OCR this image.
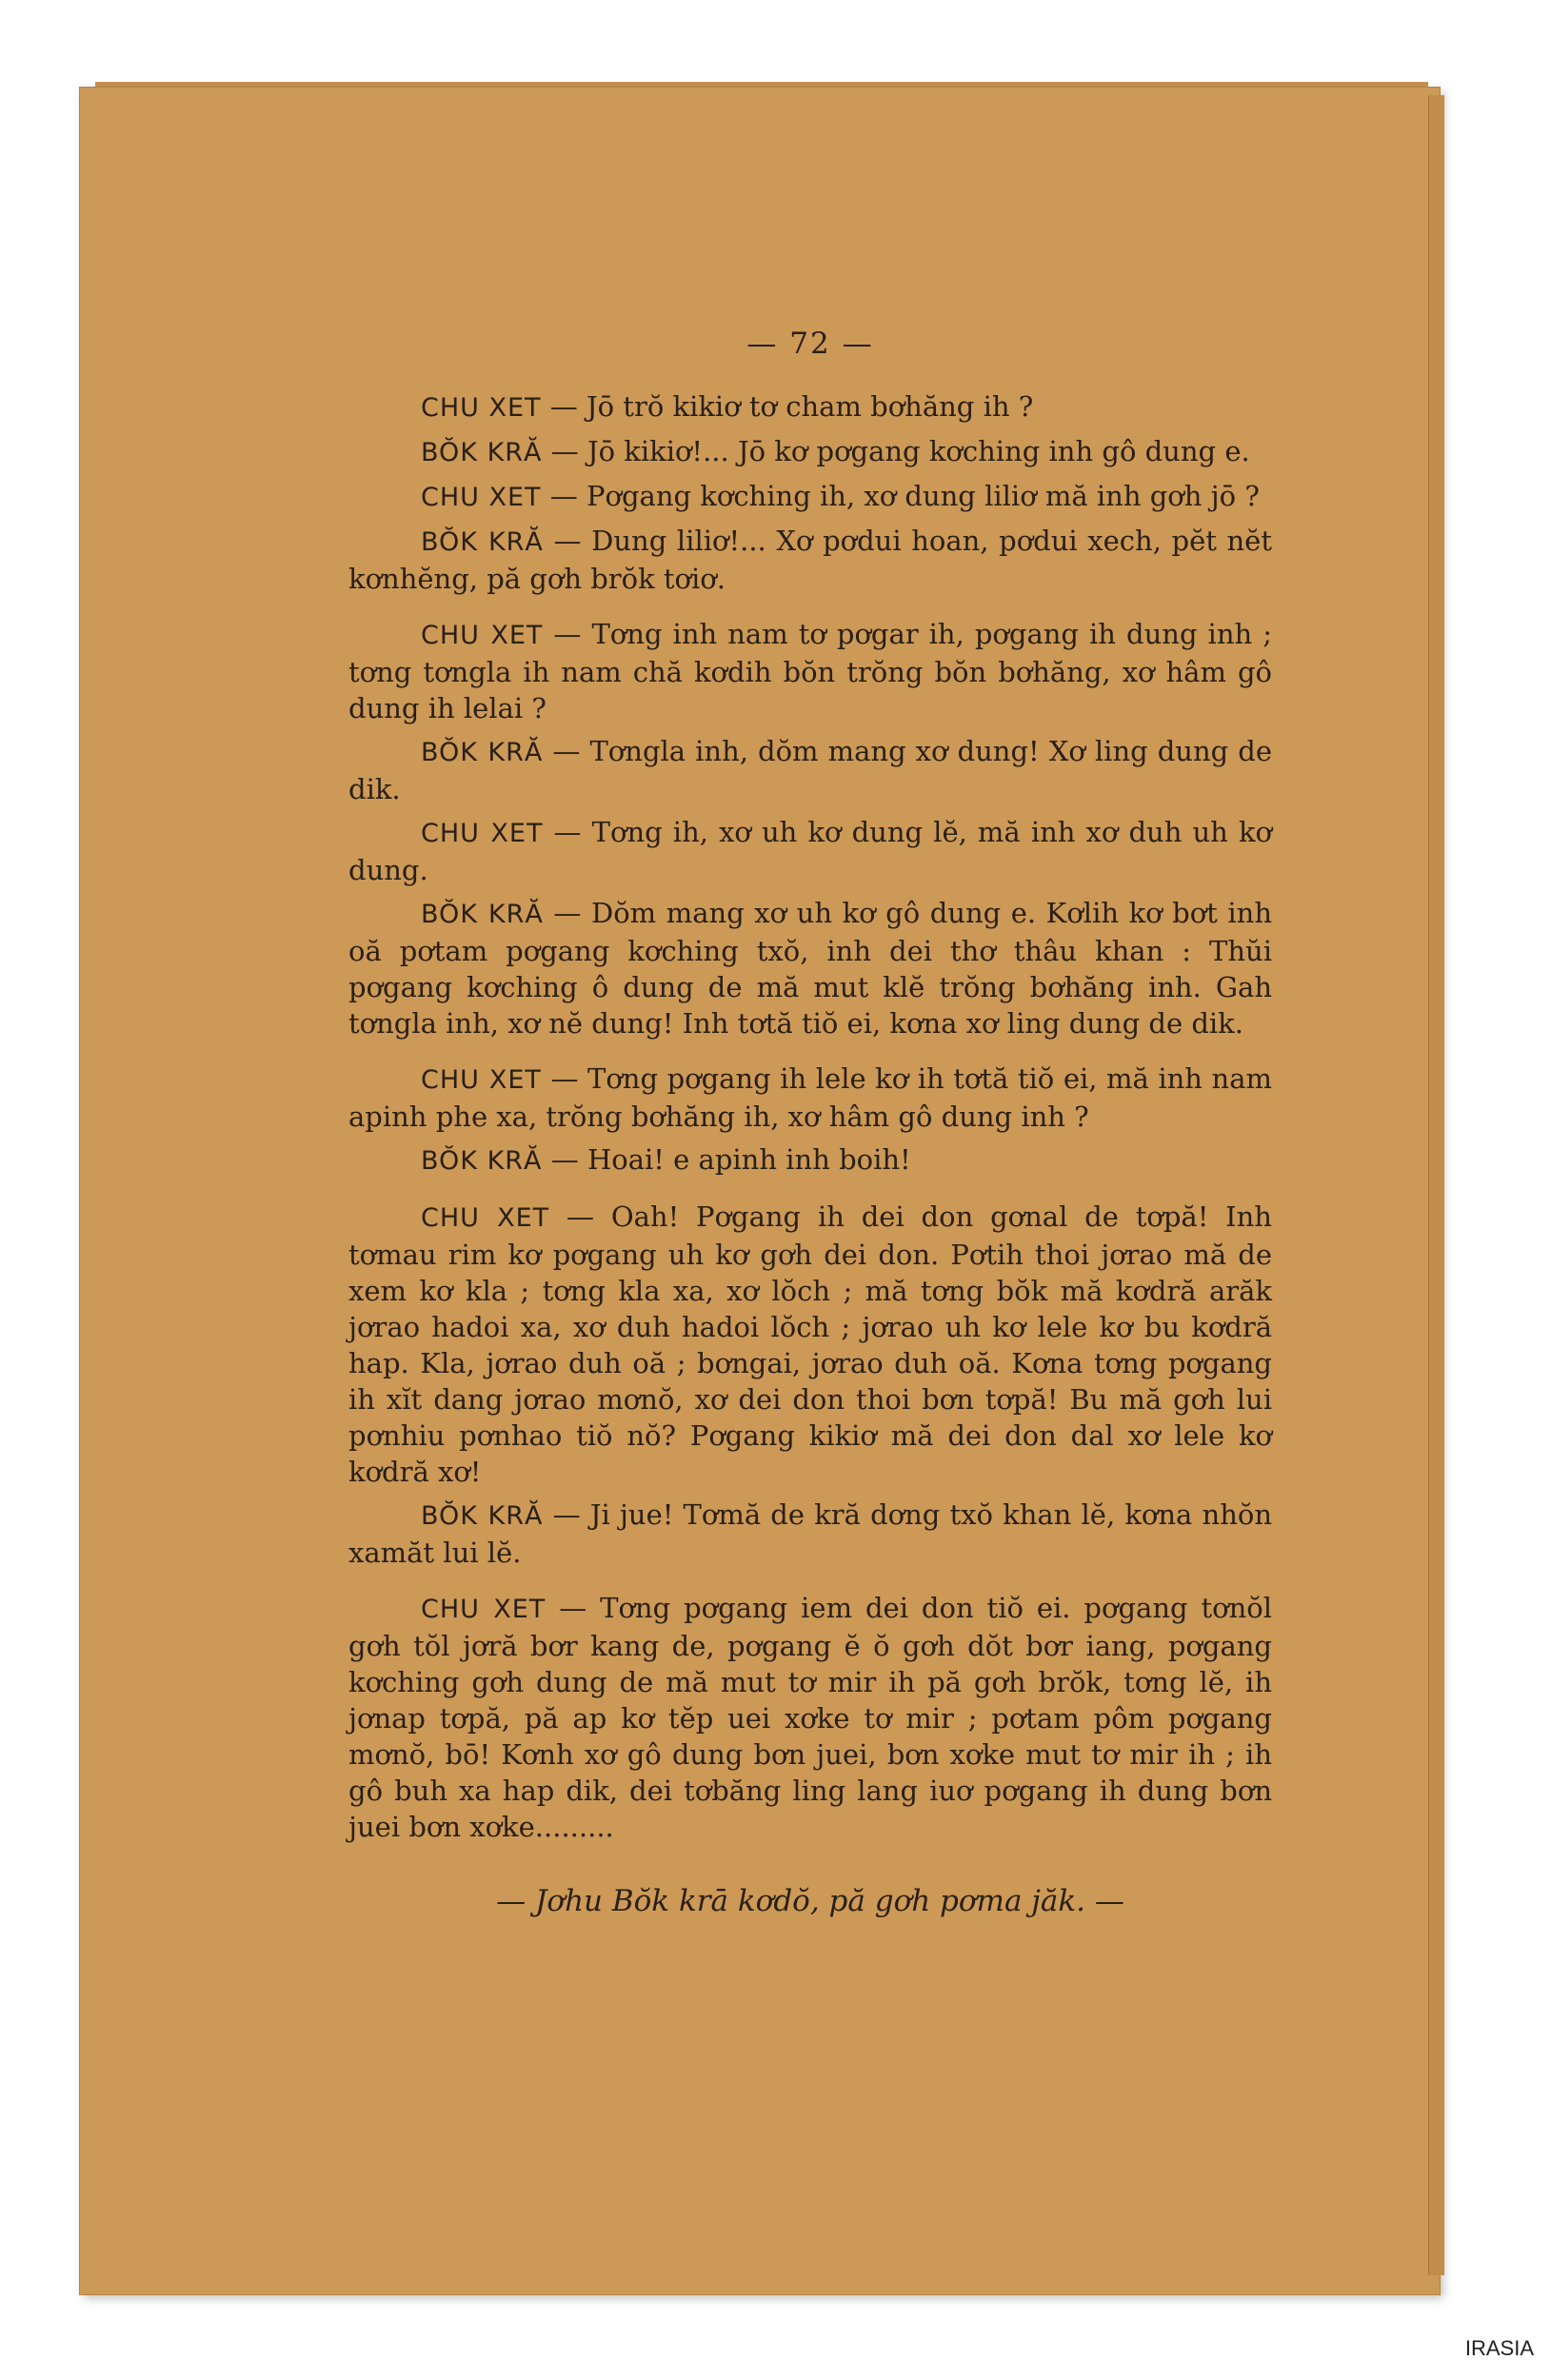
— 72 —

CHU XET — Jō trŏ kikiơ tơ cham bơhăng ih ?

BŎK KRĂ — Jō kikiơ!... Jō kơ pơgang kơching inh gô dung e.

CHU XET — Pơgang kơching ih, xơ dung liliơ mă inh gơh jō ?

BŎK KRĂ — Dung liliơ!... Xơ pơdui hoan, pơdui xech, pĕt nĕt kơnhĕng, pă gơh brŏk tơiơ.

CHU XET — Tơng inh nam tơ pơgar ih, pơgang ih dung inh ; tơng tơngla ih nam chă kơdih bŏn trŏng bŏn bơhăng, xơ hâm gô dung ih lelai ?

BŎK KRĂ — Tơngla inh, dŏm mang xơ dung! Xơ ling dung de dik.

CHU XET — Tơng ih, xơ uh kơ dung lĕ, mă inh xơ duh uh kơ dung.

BŎK KRĂ — Dŏm mang xơ uh kơ gô dung e. Kơlih kơ bơt inh oă pơtam pơgang kơching txŏ, inh dei thơ thâu khan : Thŭi pơgang kơching ô dung de mă mut klĕ trŏng bơhăng inh. Gah tơngla inh, xơ nĕ dung! Inh tơtă tiŏ ei, kơna xơ ling dung de dik.

CHU XET — Tơng pơgang ih lele kơ ih tơtă tiŏ ei, mă inh nam apinh phe xa, trŏng bơhăng ih, xơ hâm gô dung inh ?

BŎK KRĂ — Hoai! e apinh inh boih!

CHU XET — Oah! Pơgang ih dei don gơnal de tơpă! Inh tơmau rim kơ pơgang uh kơ gơh dei don. Pơtih thoi jơrao mă de xem kơ kla ; tơng kla xa, xơ lŏch ; mă tơng bŏk mă kơdră arăk jơrao hadoi xa, xơ duh hadoi lŏch ; jơrao uh kơ lele kơ bu kơdră hap. Kla, jơrao duh oă ; bơngai, jơrao duh oă. Kơna tơng pơgang ih xĭt dang jơrao mơnŏ, xơ dei don thoi bơn tơpă! Bu mă gơh lui pơnhiu pơnhao tiŏ nŏ? Pơgang kikiơ mă dei don dal xơ lele kơ kơdră xơ!

BŎK KRĂ — Ji jue! Tơmă de kră dơng txŏ khan lĕ, kơna nhŏn xamăt lui lĕ.

CHU XET — Tơng pơgang iem dei don tiŏ ei. pơgang tơnŏl gơh tŏl jơră bơr kang de, pơgang ĕ ŏ gơh dŏt bơr iang, pơgang kơching gơh dung de mă mut tơ mir ih pă gơh brŏk, tơng lĕ, ih jơnap tơpă, pă ap kơ tĕp uei xơke tơ mir ; pơtam pôm pơgang mơnŏ, bō! Kơnh xơ gô dung bơn juei, bơn xơke mut tơ mir ih ; ih gô buh xa hap dik, dei tơbăng ling lang iuơ pơgang ih dung bơn juei bơn xơke.........

— Jơhu Bŏk krā kơdŏ, pă gơh pơma jăk. —
IRASIA
